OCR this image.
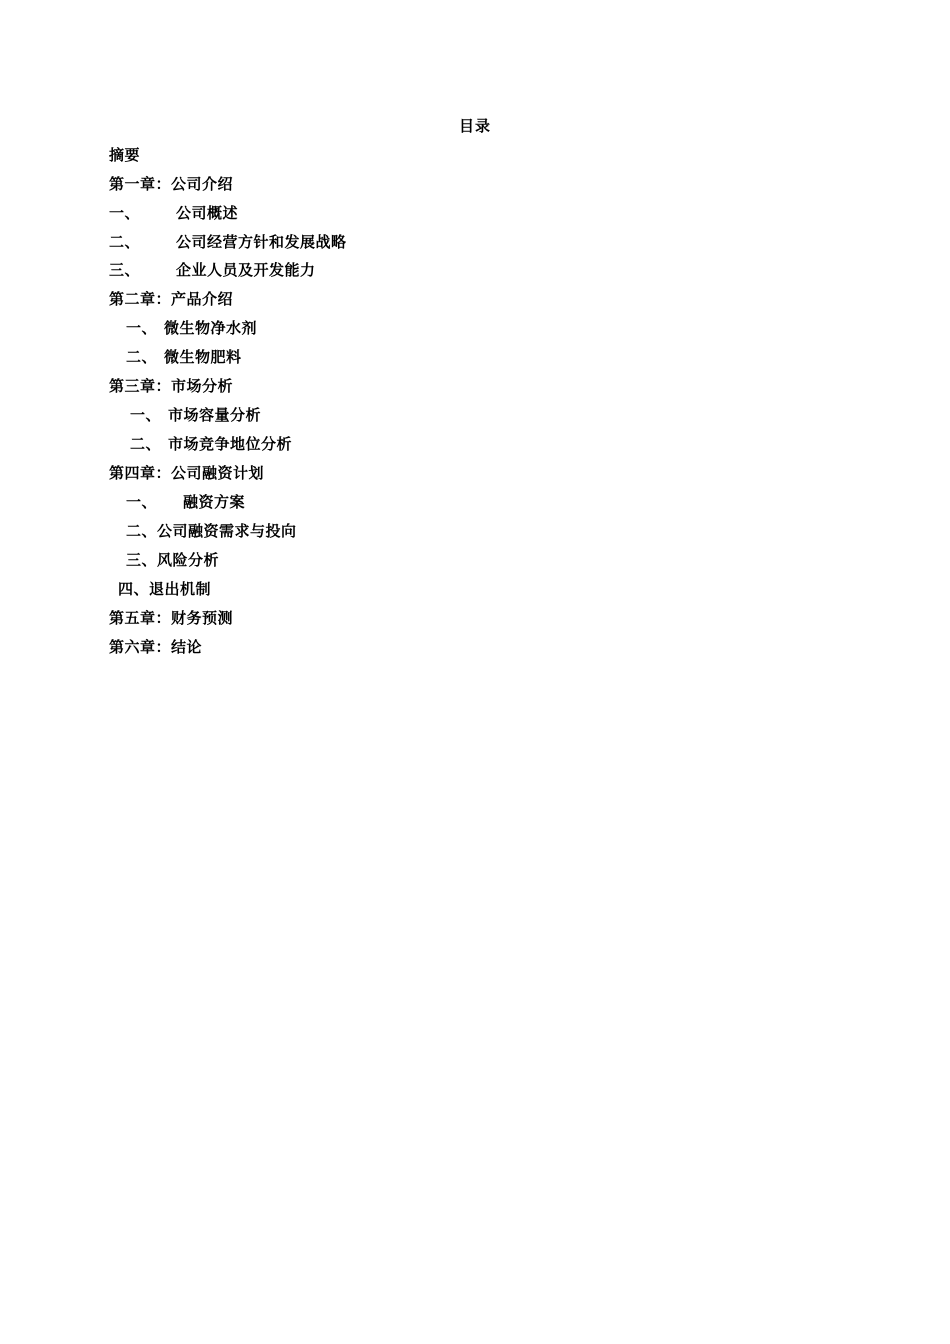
目录
摘要
第一章：公司介绍
一、 公司概述
二、 公司经营方针和发展战略
三、 企业人员及开发能力
第二章：产品介绍
一、 微生物净水剂
二、 微生物肥料
第三章：市场分析
一、 市场容量分析
二、 市场竞争地位分析
第四章：公司融资计划
一、 融资方案
二、公司融资需求与投向
三、风险分析
四、退出机制
第五章：财务预测
第六章：结论
